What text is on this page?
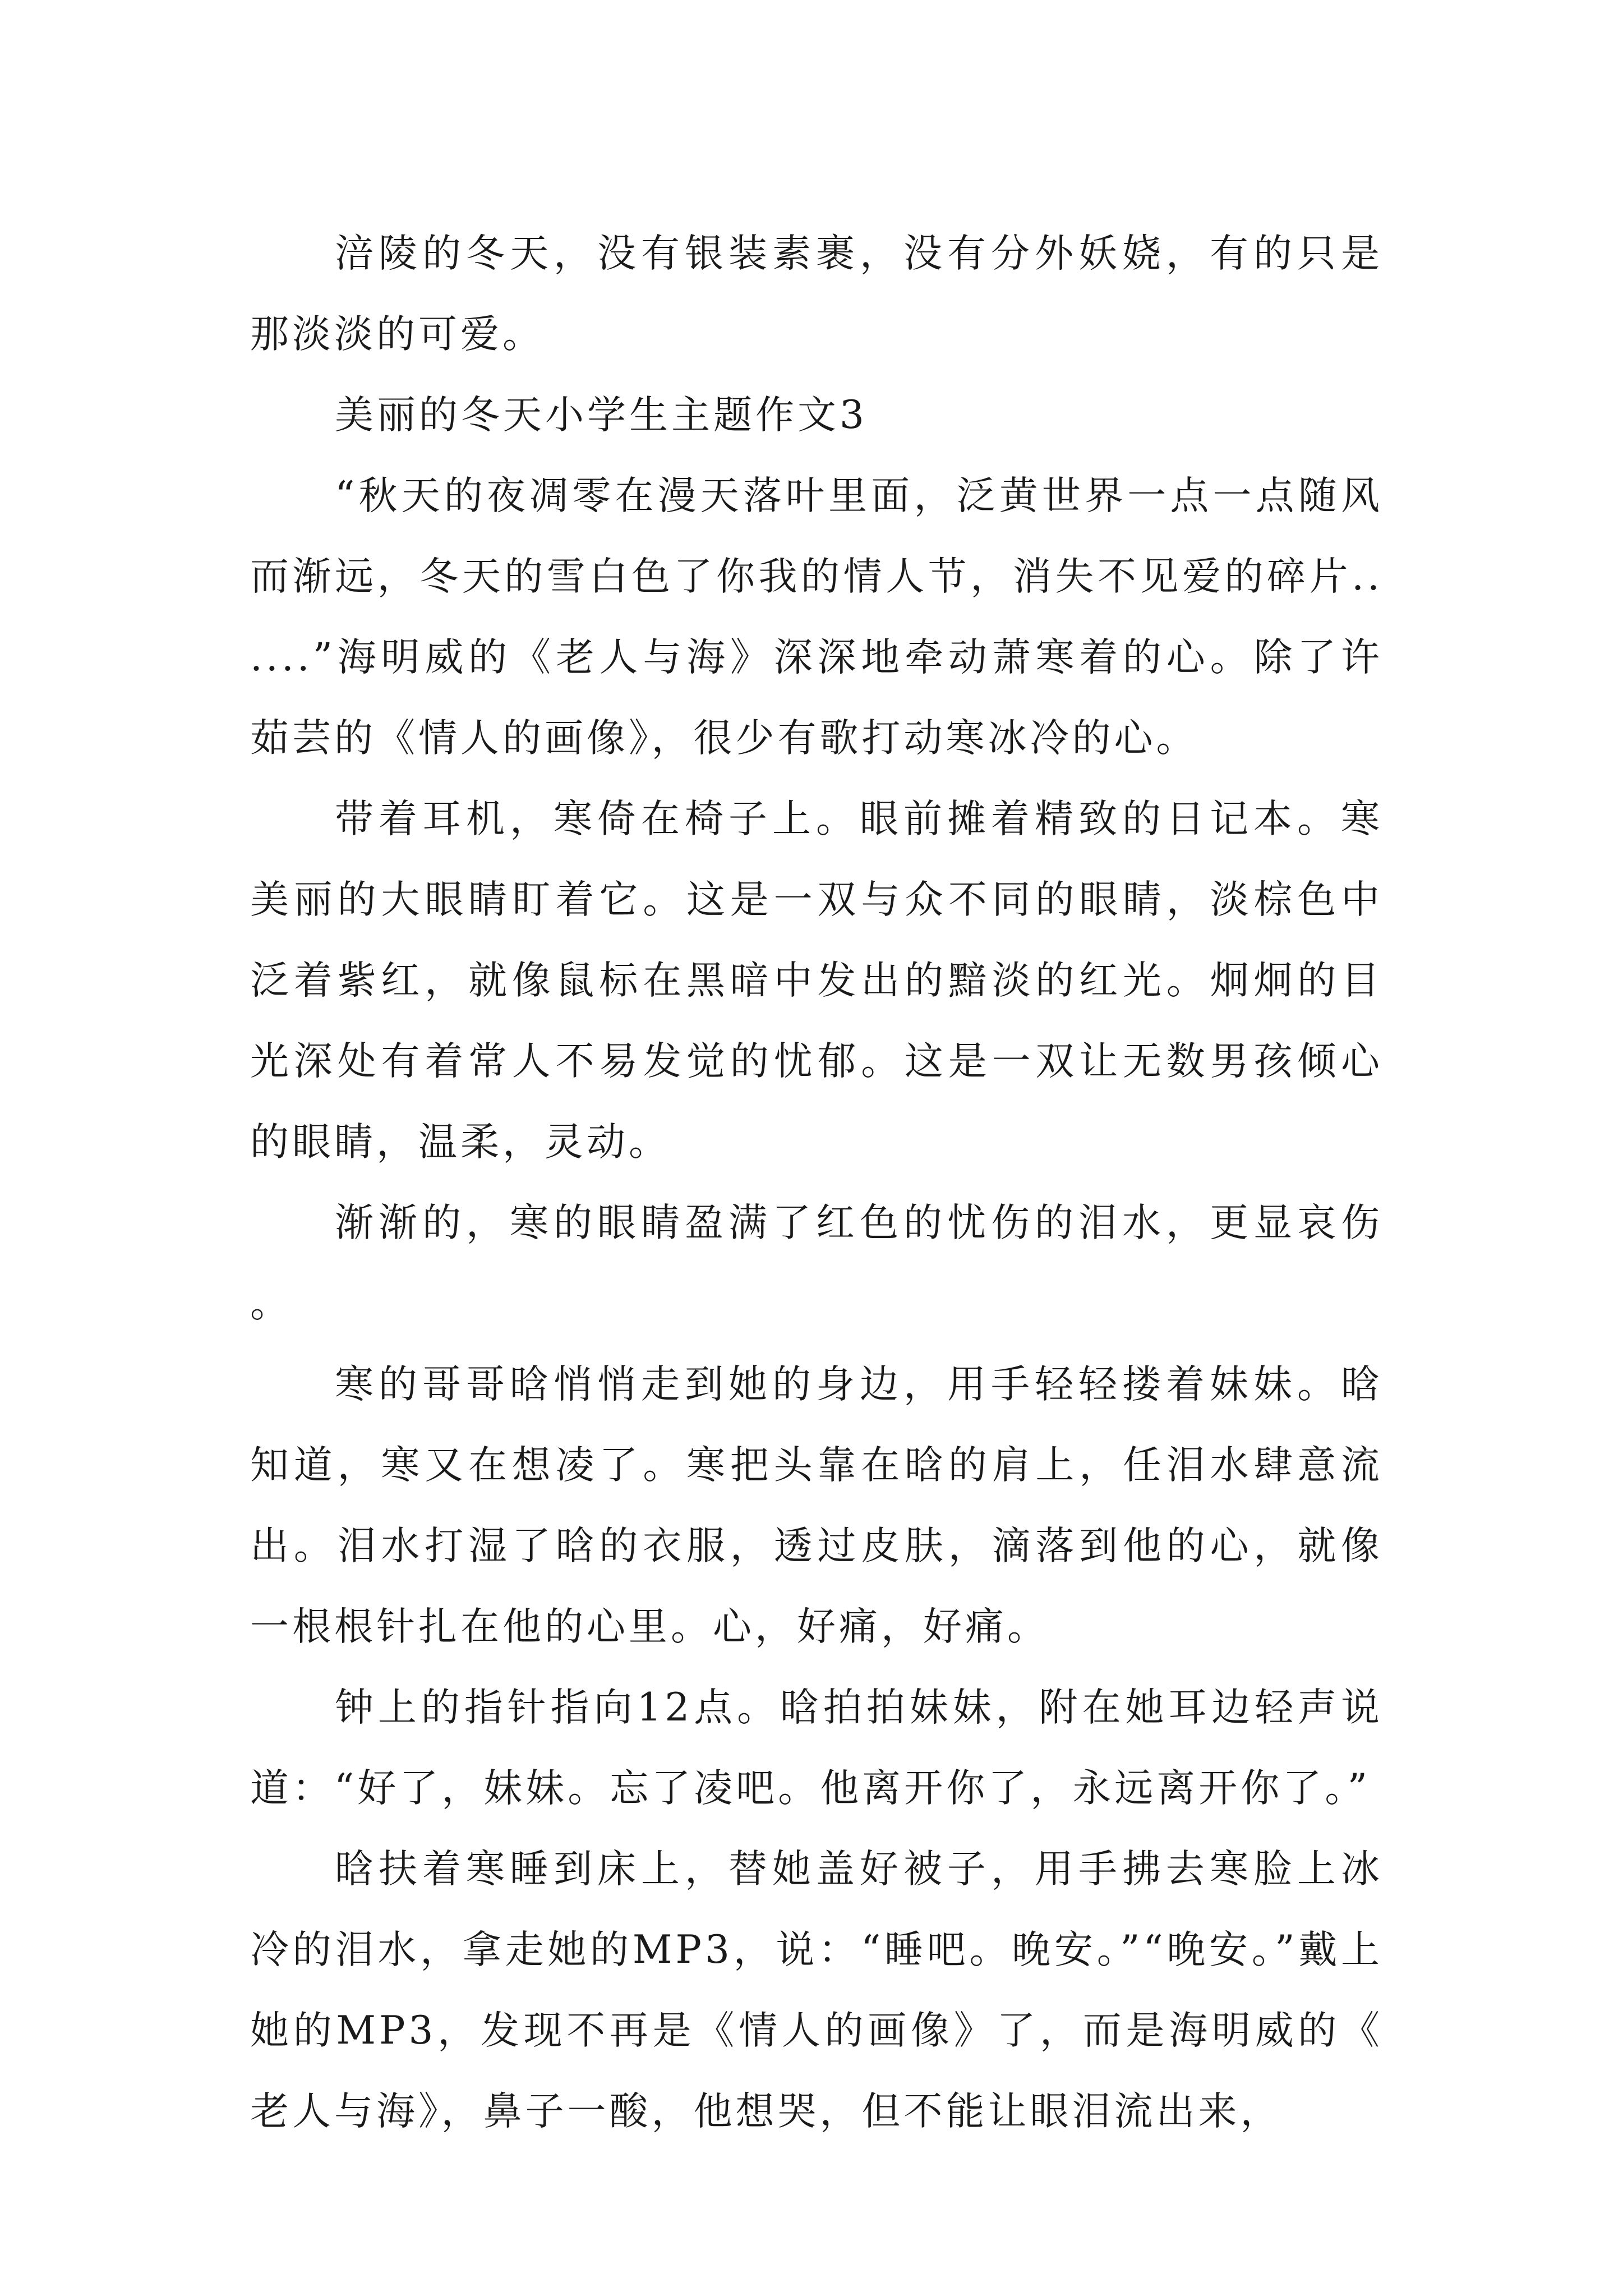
涪陵的冬天，没有银装素裹，没有分外妖娆，有的只是那淡淡的可爱。

美丽的冬天小学生主题作文3

“秋天的夜凋零在漫天落叶里面，泛黄世界一点一点随风而渐远，冬天的雪白色了你我的情人节，消失不见爱的碎片......”海明威的《老人与海》深深地牵动萧寒着的心。除了许茹芸的《情人的画像》，很少有歌打动寒冰冷的心。

带着耳机，寒倚在椅子上。眼前摊着精致的日记本。寒美丽的大眼睛盯着它。这是一双与众不同的眼睛，淡棕色中泛着紫红，就像鼠标在黑暗中发出的黯淡的红光。炯炯的目光深处有着常人不易发觉的忧郁。这是一双让无数男孩倾心的眼睛，温柔，灵动。

渐渐的，寒的眼睛盈满了红色的忧伤的泪水，更显哀伤。

寒的哥哥晗悄悄走到她的身边，用手轻轻搂着妹妹。晗知道，寒又在想凌了。寒把头靠在晗的肩上，任泪水肆意流出。泪水打湿了晗的衣服，透过皮肤，滴落到他的心，就像一根根针扎在他的心里。心，好痛，好痛。

钟上的指针指向12点。晗拍拍妹妹，附在她耳边轻声说道：“好了，妹妹。忘了凌吧。他离开你了，永远离开你了。”

晗扶着寒睡到床上，替她盖好被子，用手拂去寒脸上冰冷的泪水，拿走她的MP3，说：“睡吧。晚安。”“晚安。”戴上她的MP3，发现不再是《情人的画像》了，而是海明威的《老人与海》，鼻子一酸，他想哭，但不能让眼泪流出来，
